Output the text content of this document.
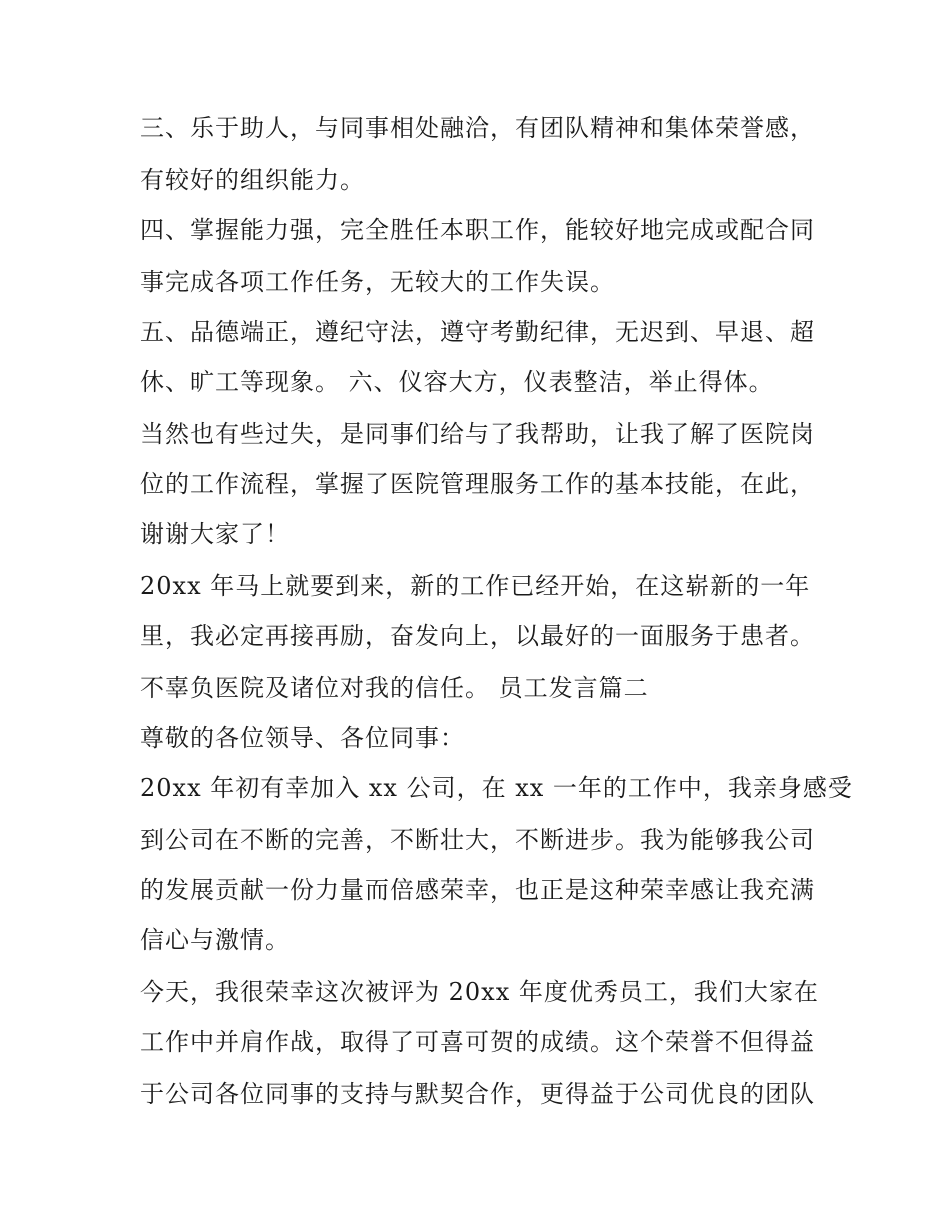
三、乐于助人，与同事相处融洽，有团队精神和集体荣誉感，

有较好的组织能力。

四、掌握能力强，完全胜任本职工作，能较好地完成或配合同

事完成各项工作任务，无较大的工作失误。

五、品德端正，遵纪守法，遵守考勤纪律，无迟到、早退、超

休、旷工等现象。 六、仪容大方，仪表整洁，举止得体。

当然也有些过失，是同事们给与了我帮助，让我了解了医院岗

位的工作流程，掌握了医院管理服务工作的基本技能，在此，

谢谢大家了！

20xx 年马上就要到来，新的工作已经开始，在这崭新的一年

里，我必定再接再励，奋发向上，以最好的一面服务于患者。

不辜负医院及诸位对我的信任。 员工发言篇二

尊敬的各位领导、各位同事：

20xx 年初有幸加入 xx 公司，在 xx 一年的工作中，我亲身感受

到公司在不断的完善，不断壮大，不断进步。我为能够我公司

的发展贡献一份力量而倍感荣幸，也正是这种荣幸感让我充满

信心与激情。

今天，我很荣幸这次被评为 20xx 年度优秀员工，我们大家在

工作中并肩作战，取得了可喜可贺的成绩。这个荣誉不但得益

于公司各位同事的支持与默契合作，更得益于公司优良的团队
